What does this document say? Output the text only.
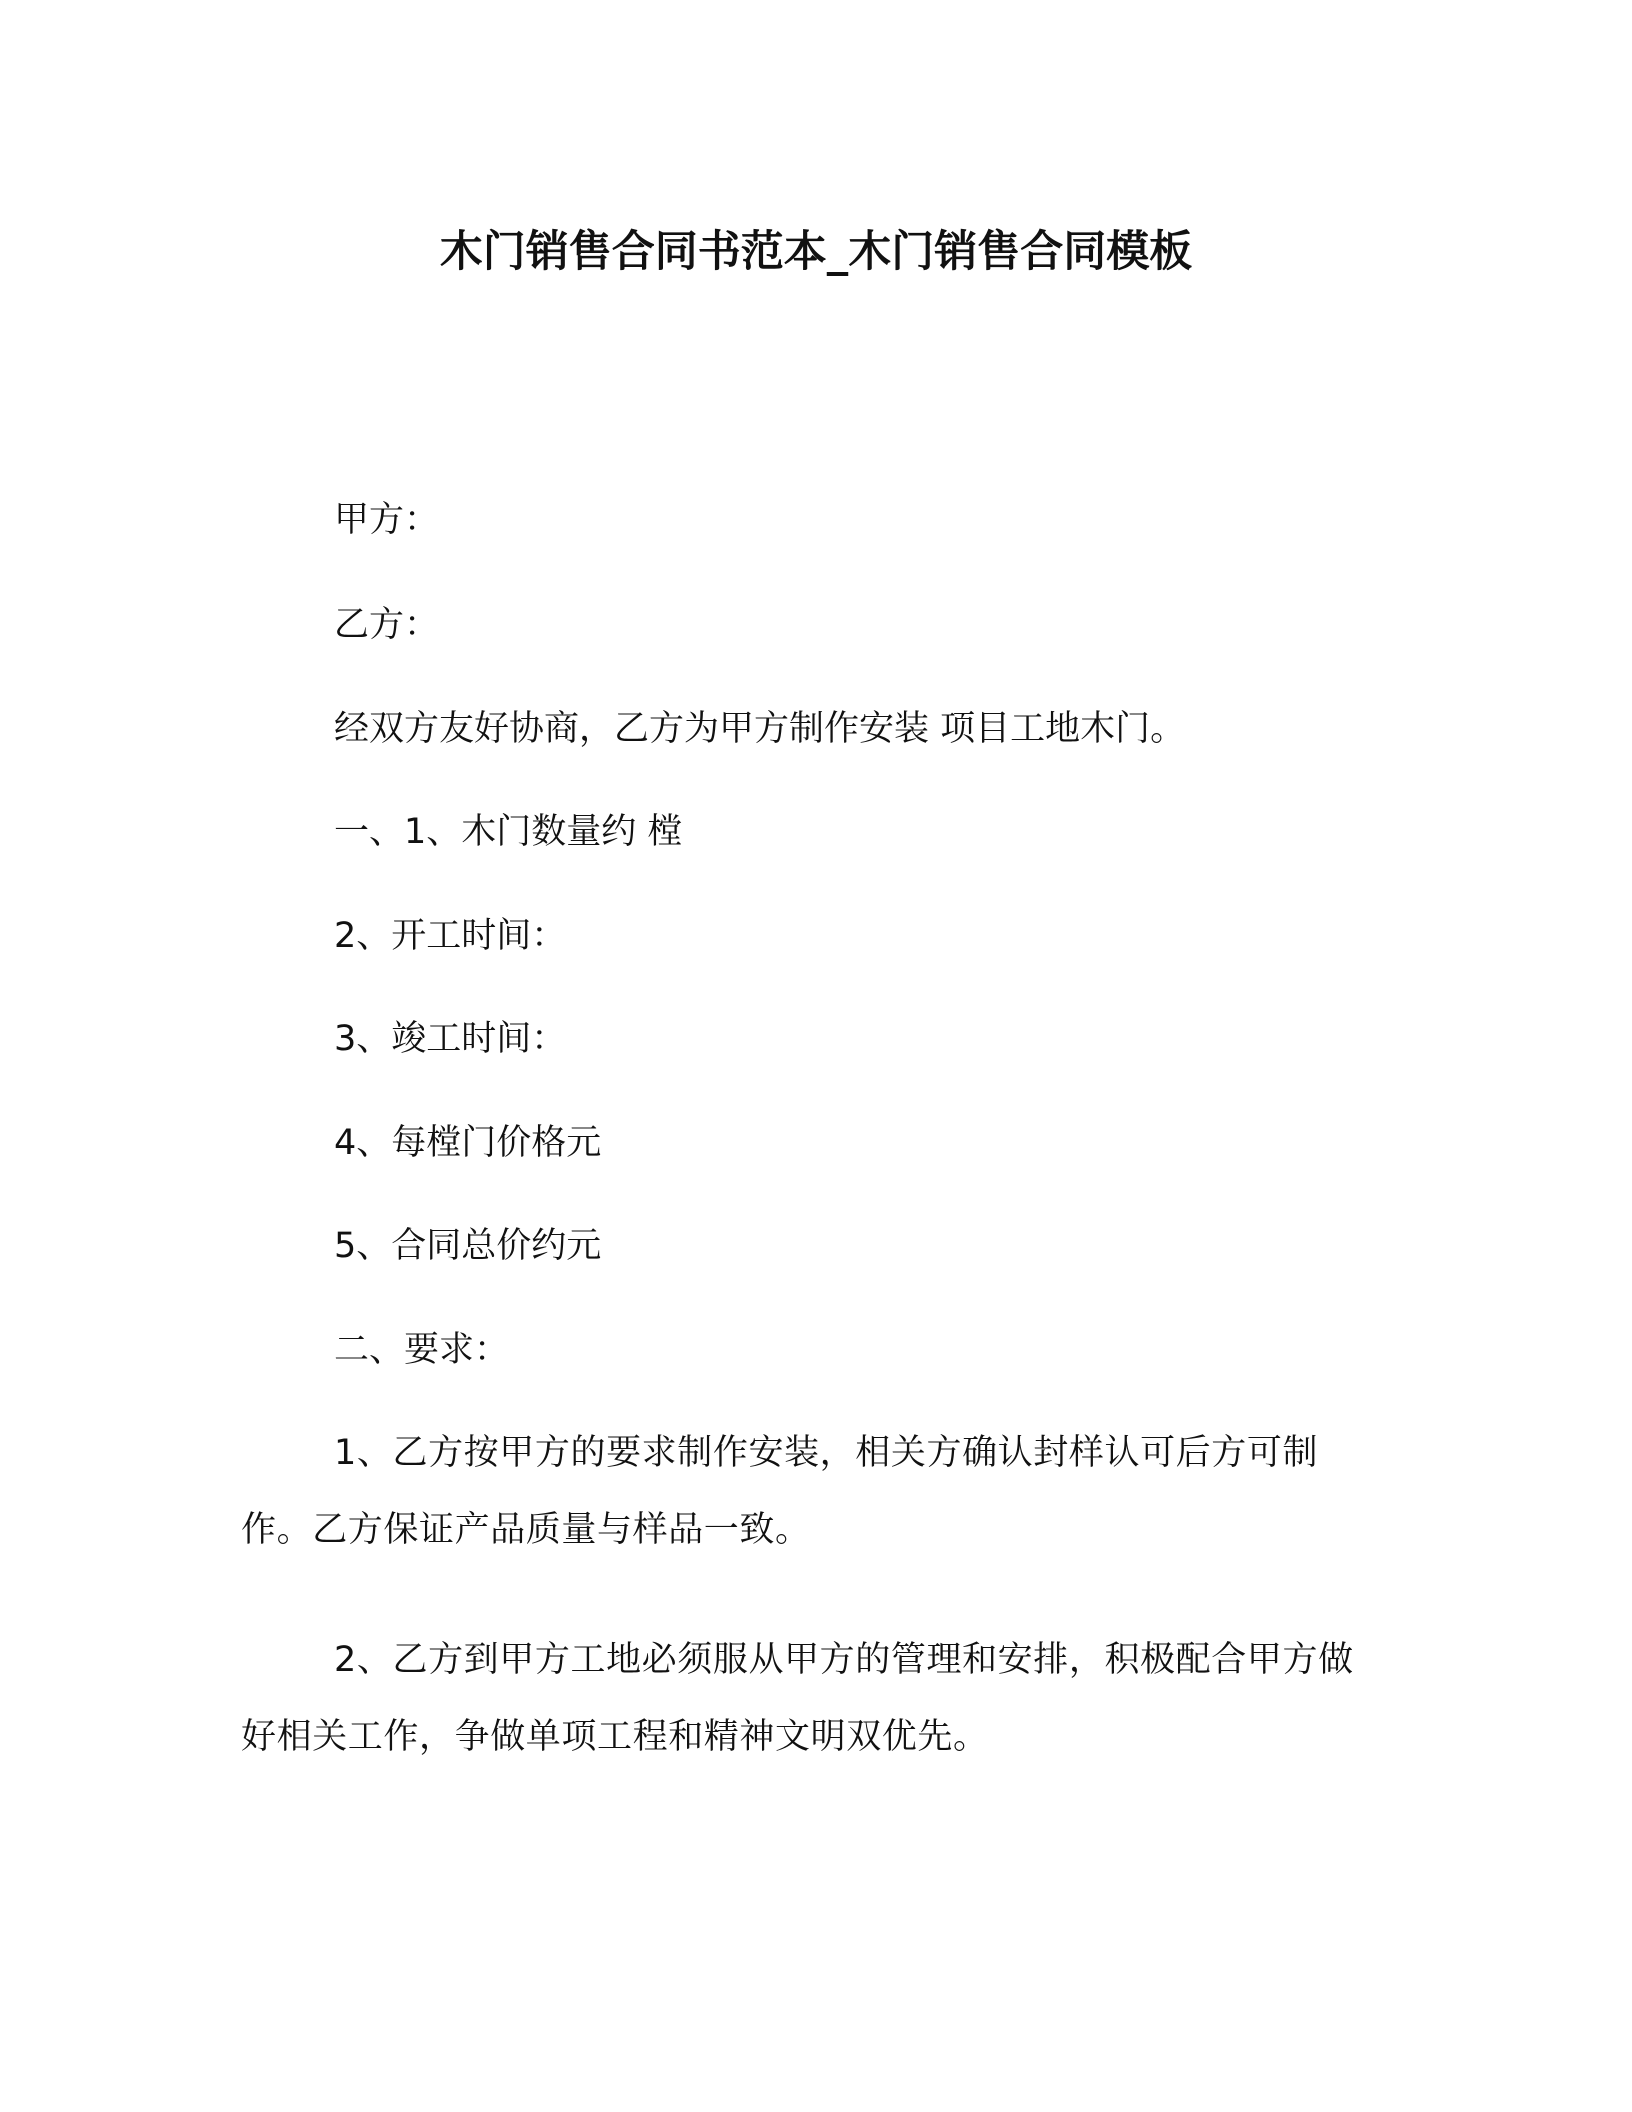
木门销售合同书范本_木门销售合同模板
甲方：
乙方：
经双方友好协商，乙方为甲方制作安装 项目工地木门。
一、1、木门数量约 樘
2、开工时间：
3、竣工时间：
4、每樘门价格元
5、合同总价约元
二、要求：
1、乙方按甲方的要求制作安装，相关方确认封样认可后方可制作。乙方保证产品质量与样品一致。
2、乙方到甲方工地必须服从甲方的管理和安排，积极配合甲方做好相关工作，争做单项工程和精神文明双优先。
